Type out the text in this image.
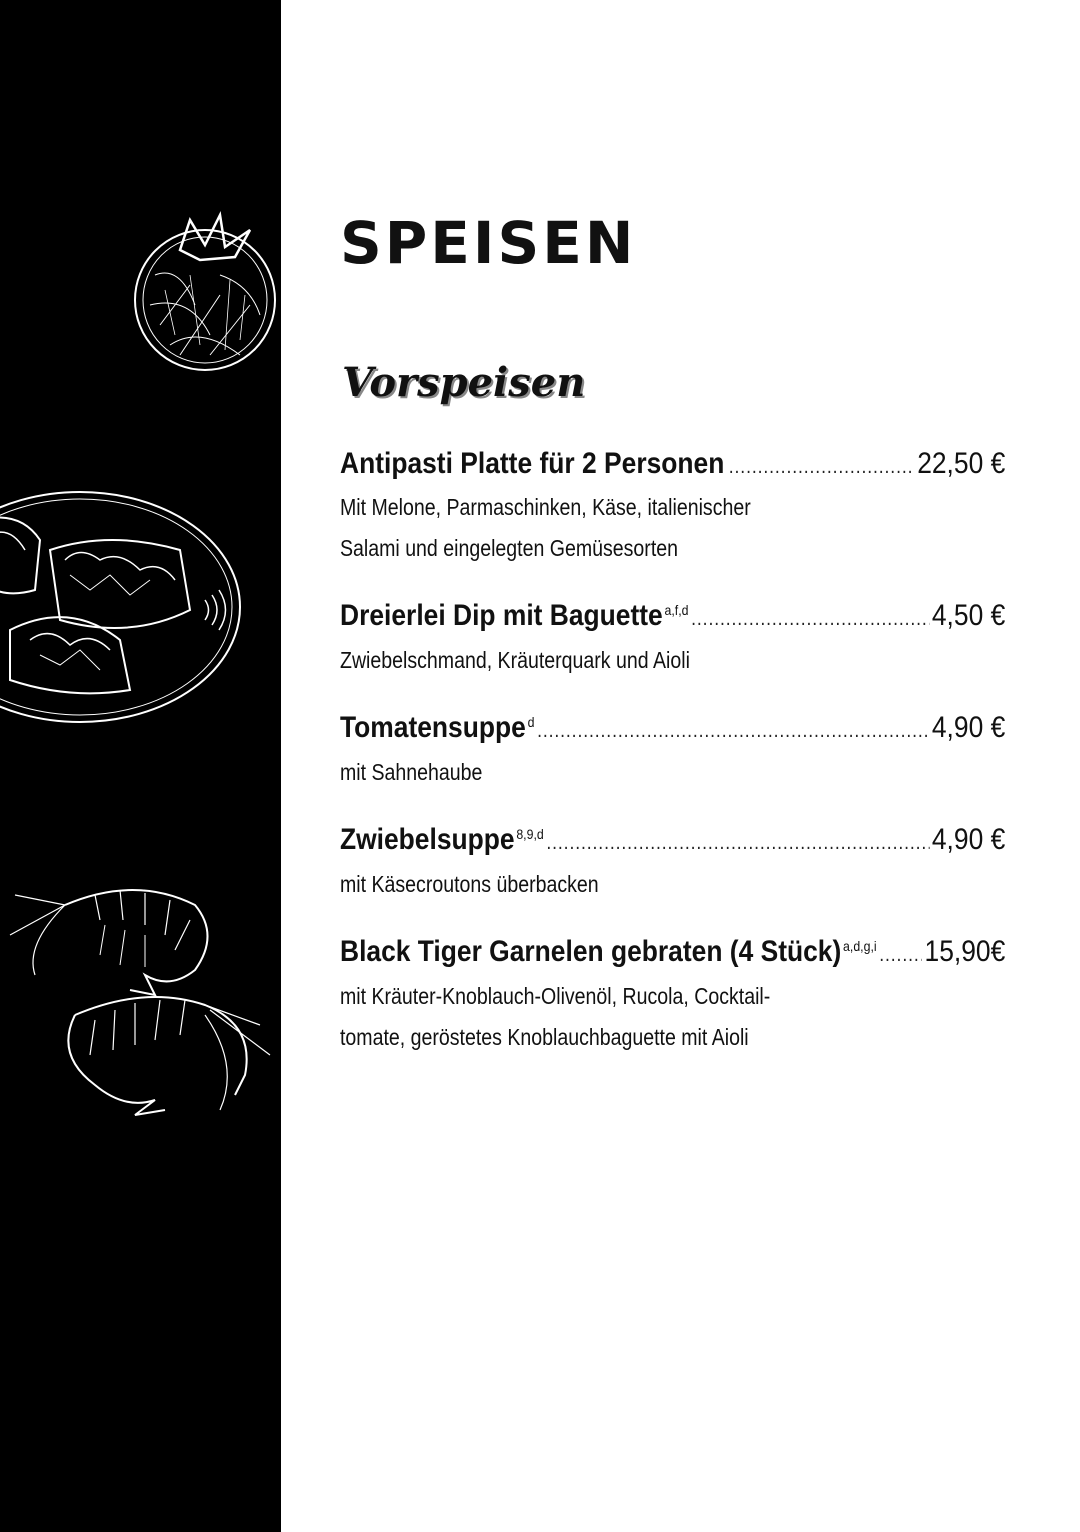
SPEISEN
Vorspeisen
Antipasti Platte für 2 Personen .....	22,50 €
Mit Melone, Parmaschinken, Käse, italienischer
Salami und eingelegten Gemüsesorten
Dreierlei Dip mit Baguette a,f,d .....	4,50 €
Zwiebelschmand, Kräuterquark und Aioli
Tomatensuppe d .....	4,90 €
mit Sahnehaube
Zwiebelsuppe 8,9,d .....	4,90 €
mit Käsecroutons überbacken
Black Tiger Garnelen gebraten (4 Stück) a,d,g,i ..... 15,90€
mit Kräuter-Knoblauch-Olivenöl, Rucola, Cocktail-
tomate, geröstetes Knoblauchbaguette mit Aioli
